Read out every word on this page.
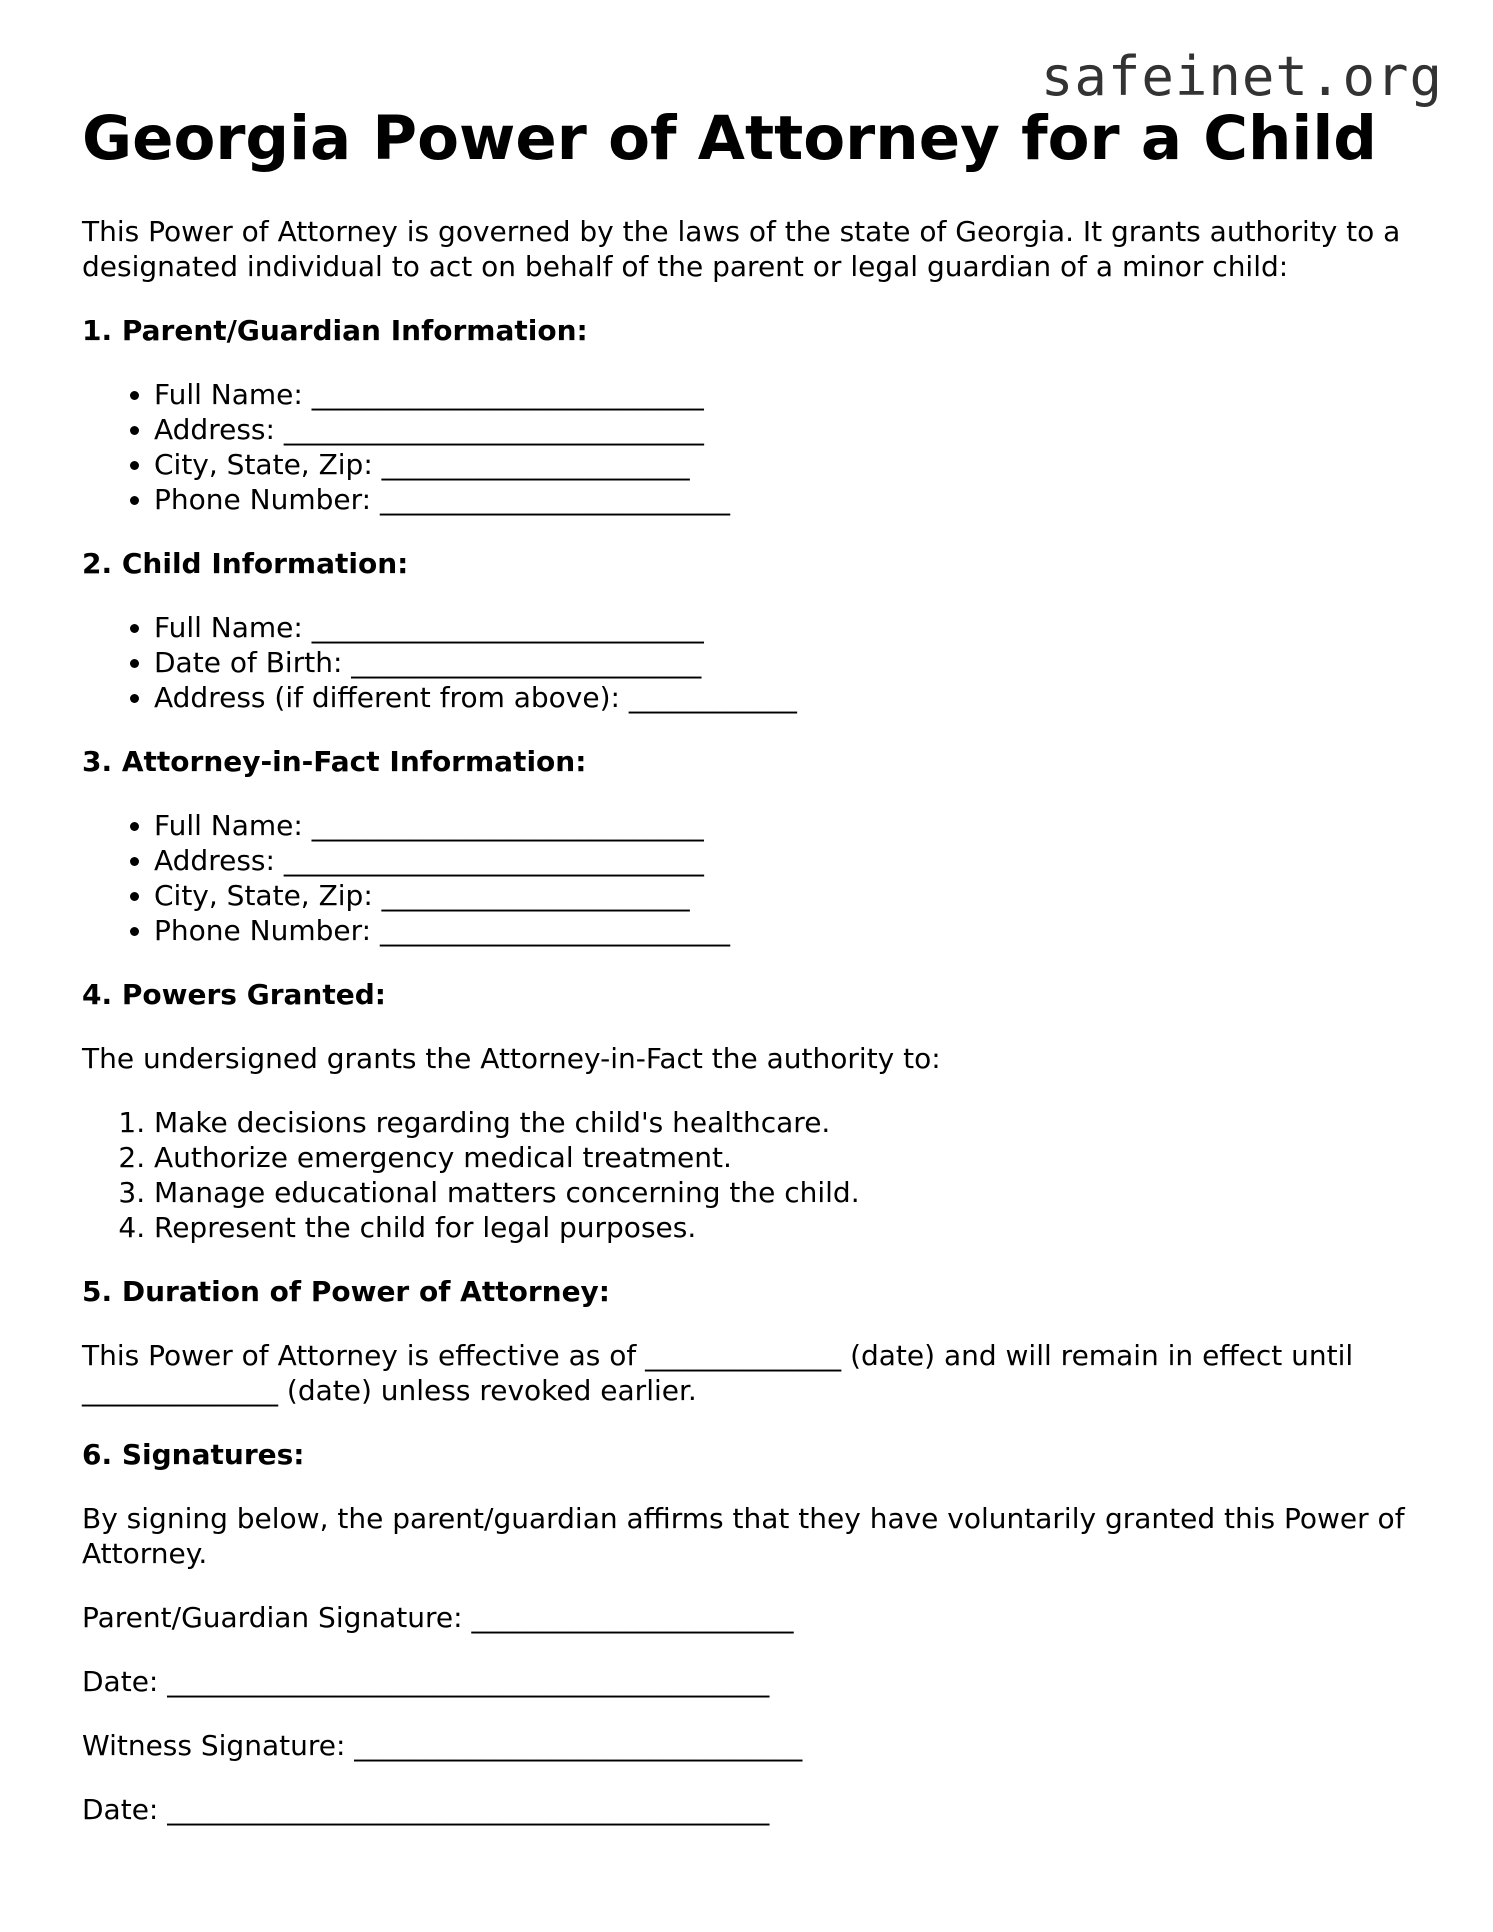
safeinet.org
Georgia Power of Attorney for a Child

This Power of Attorney is governed by the laws of the state of Georgia. It grants authority to a designated individual to act on behalf of the parent or legal guardian of a minor child:

1. Parent/Guardian Information:
• Full Name: ____________________________
• Address: ______________________________
• City, State, Zip: ______________________
• Phone Number: _________________________
2. Child Information:
• Full Name: ____________________________
• Date of Birth: _________________________
• Address (if different from above): ____________
3. Attorney-in-Fact Information:
• Full Name: ____________________________
• Address: ______________________________
• City, State, Zip: ______________________
• Phone Number: _________________________
4. Powers Granted:

The undersigned grants the Attorney-in-Fact the authority to:

1. Make decisions regarding the child's healthcare.
2. Authorize emergency medical treatment.
3. Manage educational matters concerning the child.
4. Represent the child for legal purposes.
5. Duration of Power of Attorney:

This Power of Attorney is effective as of ______________ (date) and will remain in effect until ______________ (date) unless revoked earlier.

6. Signatures:

By signing below, the parent/guardian affirms that they have voluntarily granted this Power of Attorney.

Parent/Guardian Signature: _______________________

Date: ___________________________________________

Witness Signature: ________________________________

Date: ___________________________________________
